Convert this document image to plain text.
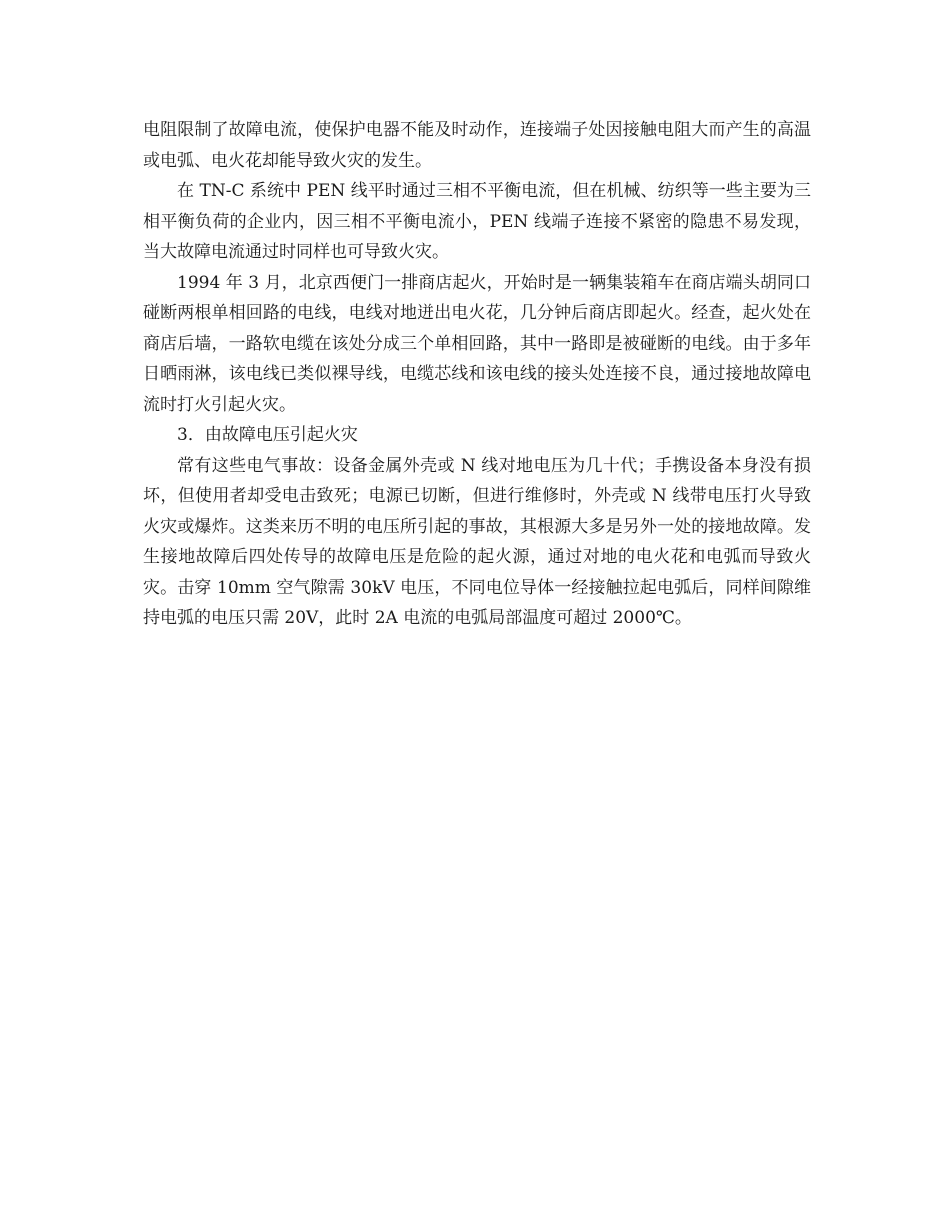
电阻限制了故障电流，使保护电器不能及时动作，连接端子处因接触电阻大而产生的高温或电弧、电火花却能导致火灾的发生。

在 TN-C 系统中 PEN 线平时通过三相不平衡电流，但在机械、纺织等一些主要为三相平衡负荷的企业内，因三相不平衡电流小，PEN 线端子连接不紧密的隐患不易发现，当大故障电流通过时同样也可导致火灾。

1994 年 3 月，北京西便门一排商店起火，开始时是一辆集装箱车在商店端头胡同口碰断两根单相回路的电线，电线对地迸出电火花，几分钟后商店即起火。经查，起火处在商店后墙，一路软电缆在该处分成三个单相回路，其中一路即是被碰断的电线。由于多年日晒雨淋，该电线已类似裸导线，电缆芯线和该电线的接头处连接不良，通过接地故障电流时打火引起火灾。

3．由故障电压引起火灾

常有这些电气事故：设备金属外壳或 N 线对地电压为几十代；手携设备本身没有损坏，但使用者却受电击致死；电源已切断，但进行维修时，外壳或 N 线带电压打火导致火灾或爆炸。这类来历不明的电压所引起的事故，其根源大多是另外一处的接地故障。发生接地故障后四处传导的故障电压是危险的起火源，通过对地的电火花和电弧而导致火灾。击穿 10mm 空气隙需 30kV 电压，不同电位导体一经接触拉起电弧后，同样间隙维持电弧的电压只需 20V，此时 2A 电流的电弧局部温度可超过 2000℃。
